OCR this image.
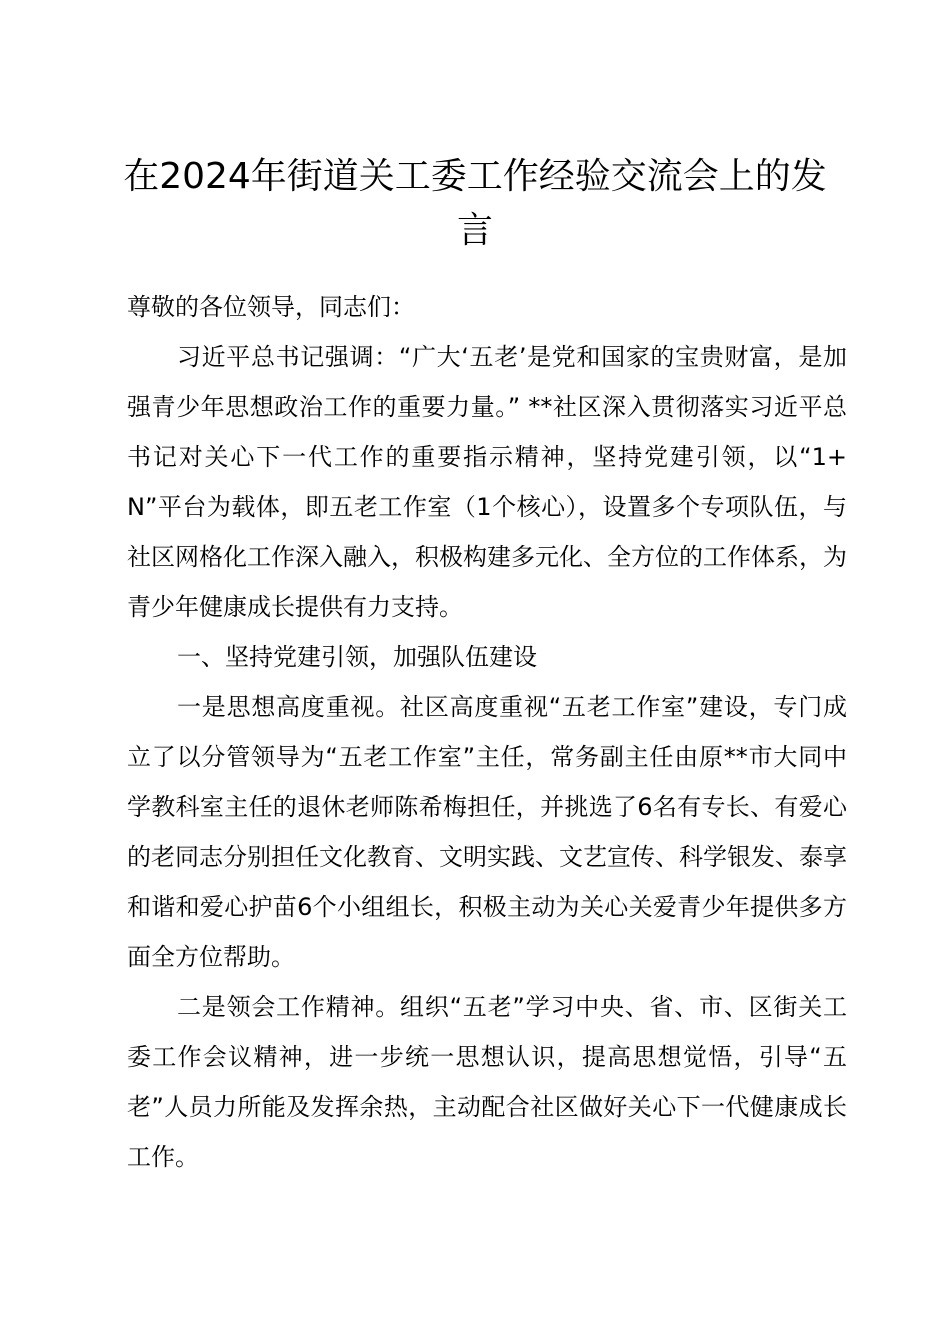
在2024年街道关工委工作经验交流会上的发言

尊敬的各位领导，同志们：

习近平总书记强调：“广大‘五老’是党和国家的宝贵财富，是加强青少年思想政治工作的重要力量。” **社区深入贯彻落实习近平总书记对关心下一代工作的重要指示精神，坚持党建引领，以“1+N”平台为载体，即五老工作室（1个核心），设置多个专项队伍，与社区网格化工作深入融入，积极构建多元化、全方位的工作体系，为青少年健康成长提供有力支持。

一、坚持党建引领，加强队伍建设

一是思想高度重视。社区高度重视“五老工作室”建设，专门成立了以分管领导为“五老工作室”主任，常务副主任由原**市大同中学教科室主任的退休老师陈希梅担任，并挑选了6名有专长、有爱心的老同志分别担任文化教育、文明实践、文艺宣传、科学银发、泰享和谐和爱心护苗6个小组组长，积极主动为关心关爱青少年提供多方面全方位帮助。

二是领会工作精神。组织“五老”学习中央、省、市、区街关工委工作会议精神，进一步统一思想认识，提高思想觉悟，引导“五老”人员力所能及发挥余热，主动配合社区做好关心下一代健康成长工作。
